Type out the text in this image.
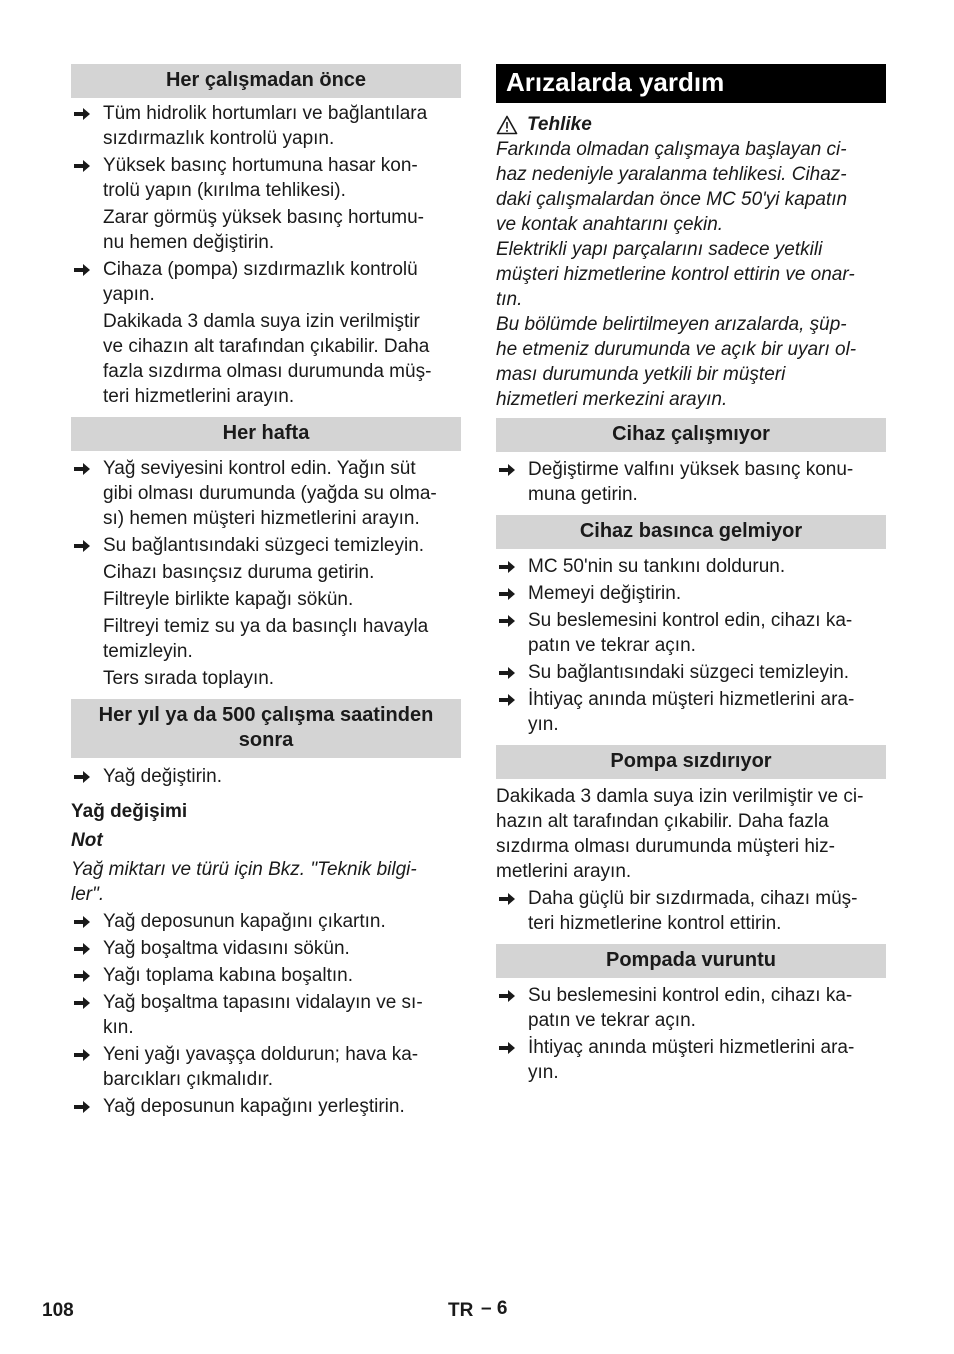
Her çalışmadan önce
Tüm hidrolik hortumları ve bağlantılara
sızdırmazlık kontrolü yapın.
Yüksek basınç hortumuna hasar kon-
trolü yapın (kırılma tehlikesi).
Zarar görmüş yüksek basınç hortumu-
nu hemen değiştirin.
Cihaza (pompa) sızdırmazlık kontrolü
yapın.
Dakikada 3 damla suya izin verilmiştir
ve cihazın alt tarafından çıkabilir. Daha
fazla sızdırma olması durumunda müş-
teri hizmetlerini arayın.
Her hafta
Yağ seviyesini kontrol edin. Yağın süt
gibi olması durumunda (yağda su olma-
sı) hemen müşteri hizmetlerini arayın.
Su bağlantısındaki süzgeci temizleyin.
Cihazı basınçsız duruma getirin.
Filtreyle birlikte kapağı sökün.
Filtreyi temiz su ya da basınçlı havayla
temizleyin.
Ters sırada toplayın.
Her yıl ya da 500 çalışma saatinden
sonra
Yağ değiştirin.
Yağ değişimi
Not
Yağ miktarı ve türü için Bkz. "Teknik bilgi-
ler".
Yağ deposunun kapağını çıkartın.
Yağ boşaltma vidasını sökün.
Yağı toplama kabına boşaltın.
Yağ boşaltma tapasını vidalayın ve sı-
kın.
Yeni yağı yavaşça doldurun; hava ka-
barcıkları çıkmalıdır.
Yağ deposunun kapağını yerleştirin.
Arızalarda yardım
Tehlike
Farkında olmadan çalışmaya başlayan ci-
haz nedeniyle yaralanma tehlikesi. Cihaz-
daki çalışmalardan önce MC 50'yi kapatın
ve kontak anahtarını çekin.
Elektrikli yapı parçalarını sadece yetkili
müşteri hizmetlerine kontrol ettirin ve onar-
tın.
Bu bölümde belirtilmeyen arızalarda, şüp-
he etmeniz durumunda ve açık bir uyarı ol-
ması durumunda yetkili bir müşteri
hizmetleri merkezini arayın.
Cihaz çalışmıyor
Değiştirme valfını yüksek basınç konu-
muna getirin.
Cihaz basınca gelmiyor
MC 50'nin su tankını doldurun.
Memeyi değiştirin.
Su beslemesini kontrol edin, cihazı ka-
patın ve tekrar açın.
Su bağlantısındaki süzgeci temizleyin.
İhtiyaç anında müşteri hizmetlerini ara-
yın.
Pompa sızdırıyor
Dakikada 3 damla suya izin verilmiştir ve ci-
hazın alt tarafından çıkabilir. Daha fazla
sızdırma olması durumunda müşteri hiz-
metlerini arayın.
Daha güçlü bir sızdırmada, cihazı müş-
teri hizmetlerine kontrol ettirin.
Pompada vuruntu
Su beslemesini kontrol edin, cihazı ka-
patın ve tekrar açın.
İhtiyaç anında müşteri hizmetlerini ara-
yın.
108	TR – 6
